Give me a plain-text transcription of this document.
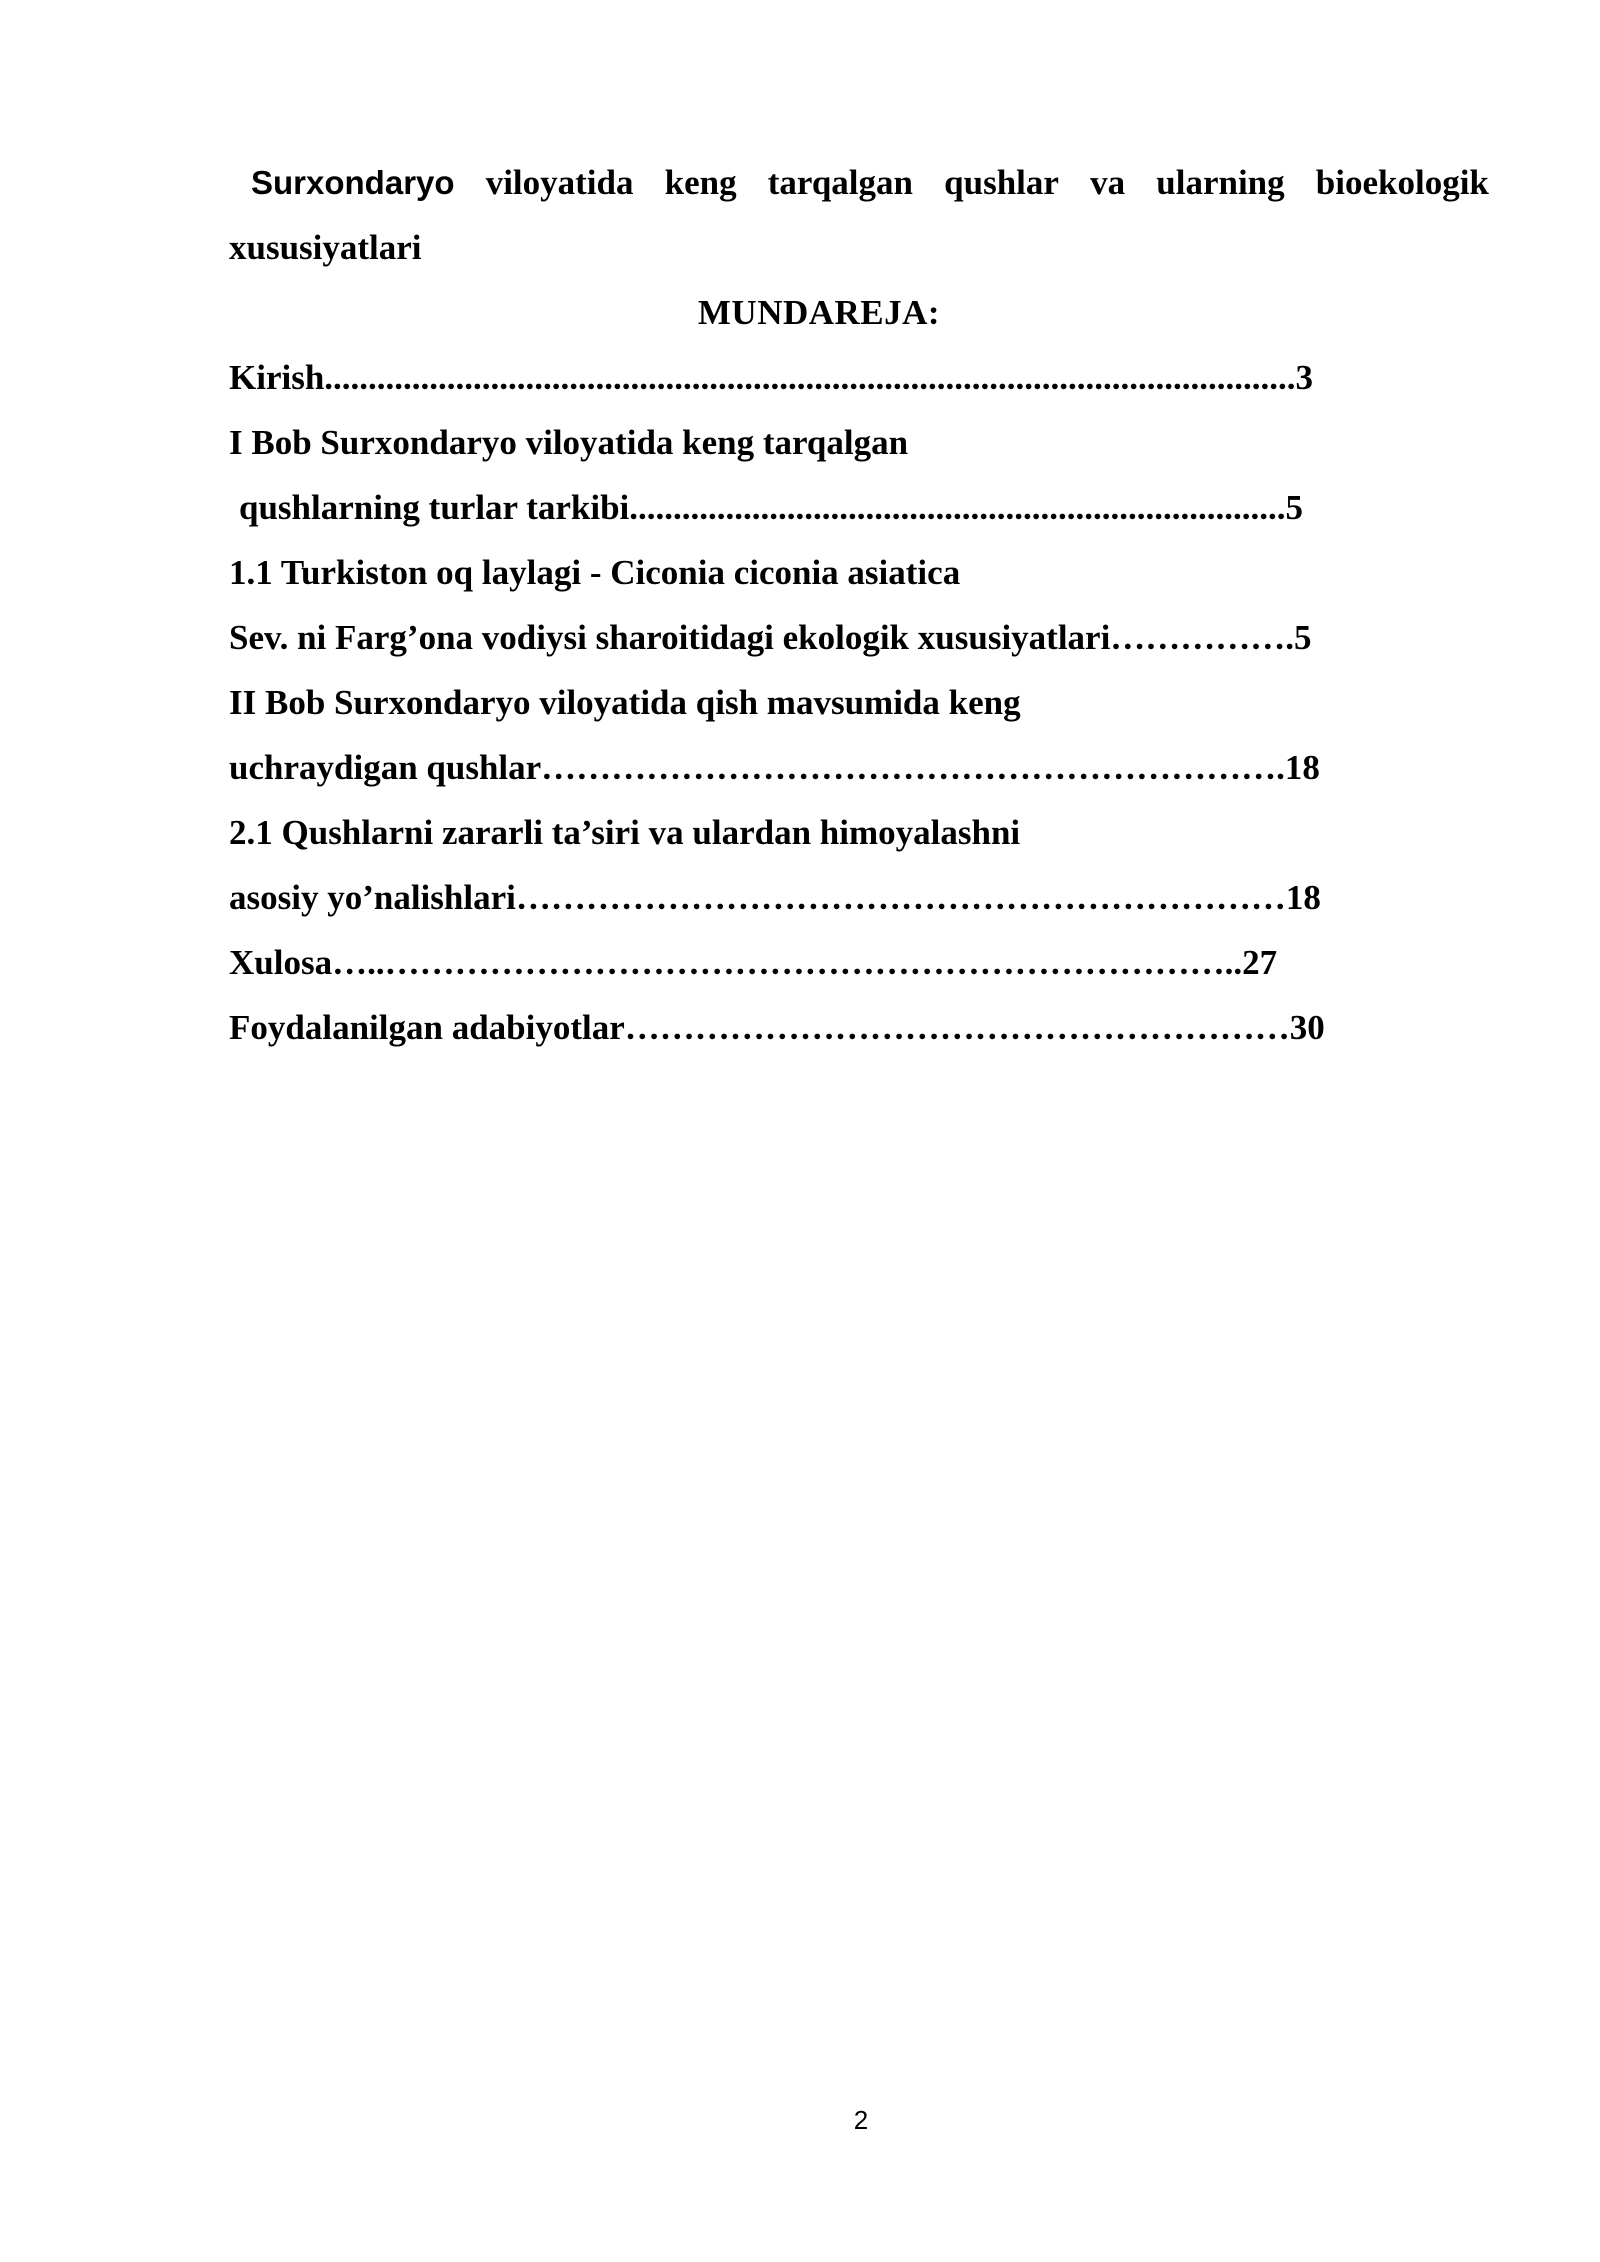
Surxondaryo viloyatida keng tarqalgan qushlar va ularning bioekologik
xususiyatlari
MUNDAREJA:
Kirish...............................................................................................................3
I Bob Surxondaryo viloyatida keng tarqalgan
qushlarning turlar tarkibi...........................................................................5
1.1 Turkiston oq laylagi - Ciconia ciconia asiatica
Sev. ni Farg’ona vodiysi sharoitidagi ekologik xususiyatlari…………….5
II Bob Surxondaryo viloyatida qish mavsumida keng
uchraydigan qushlar……………………………………………………….18
2.1 Qushlarni zararli ta’siri va ulardan himoyalashni
asosiy yo’nalishlari…………………………………………………………18
Xulosa…..………………………………………………………………..27
Foydalanilgan adabiyotlar…………………………………………………30
2
